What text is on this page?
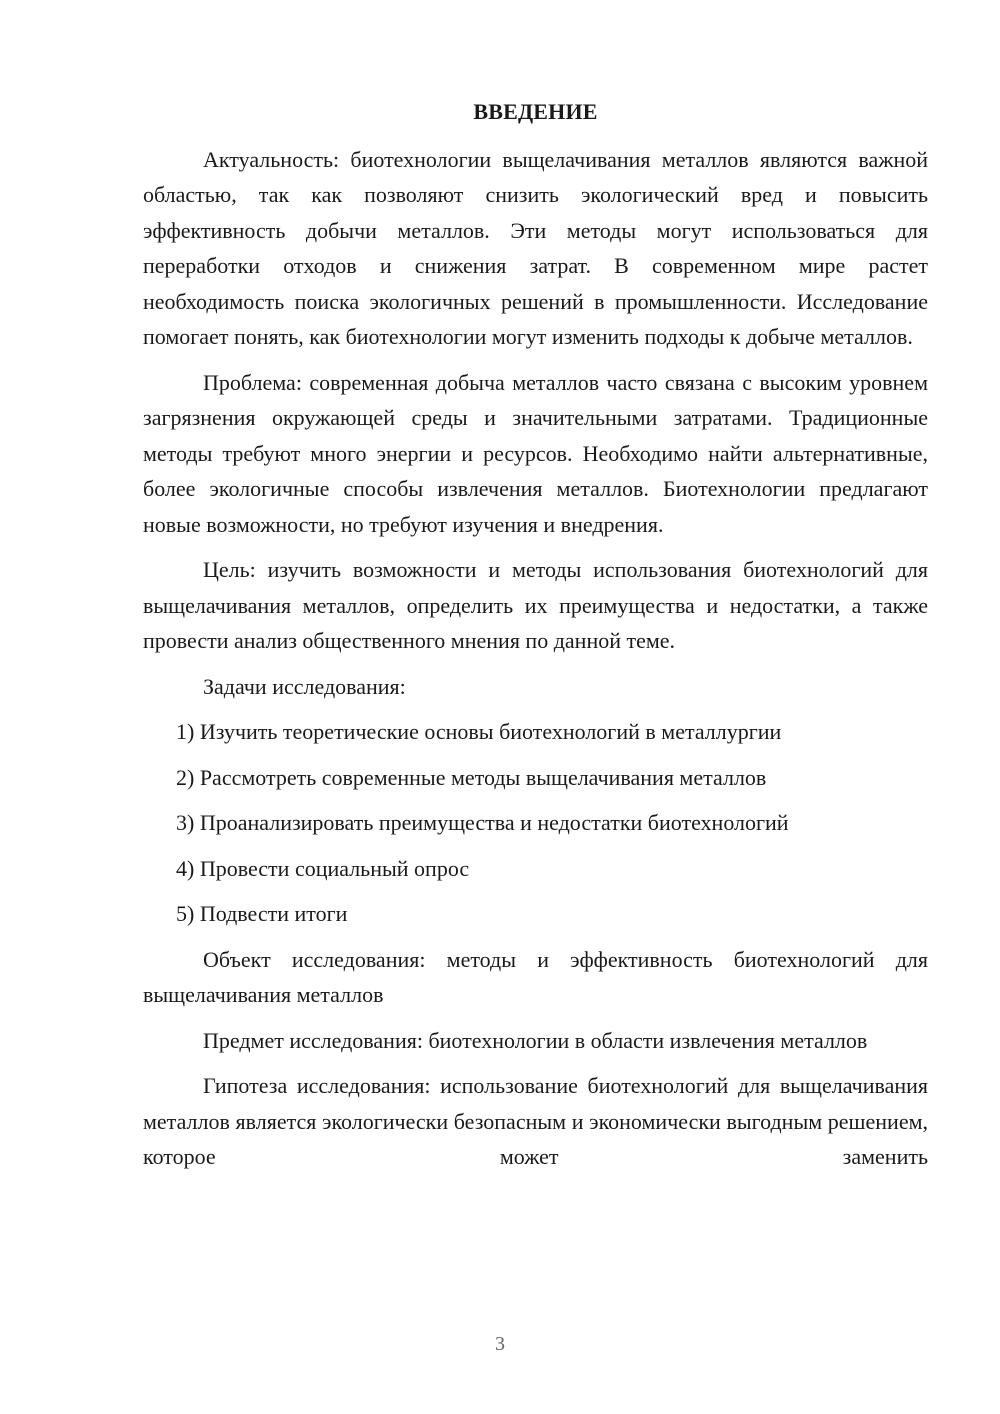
ВВЕДЕНИЕ

Актуальность: биотехнологии выщелачивания металлов являются важной областью, так как позволяют снизить экологический вред и повысить эффективность добычи металлов. Эти методы могут использоваться для переработки отходов и снижения затрат. В современном мире растет необходимость поиска экологичных решений в промышленности. Исследование помогает понять, как биотехнологии могут изменить подходы к добыче металлов.

Проблема: современная добыча металлов часто связана с высоким уровнем загрязнения окружающей среды и значительными затратами. Традиционные методы требуют много энергии и ресурсов. Необходимо найти альтернативные, более экологичные способы извлечения металлов. Биотехнологии предлагают новые возможности, но требуют изучения и внедрения.

Цель: изучить возможности и методы использования биотехнологий для выщелачивания металлов, определить их преимущества и недостатки, а также провести анализ общественного мнения по данной теме.

Задачи исследования:
1) Изучить теоретические основы биотехнологий в металлургии
2) Рассмотреть современные методы выщелачивания металлов
3) Проанализировать преимущества и недостатки биотехнологий
4) Провести социальный опрос
5) Подвести итоги

Объект исследования: методы и эффективность биотехнологий для выщелачивания металлов

Предмет исследования: биотехнологии в области извлечения металлов

Гипотеза исследования: использование биотехнологий для выщелачивания металлов является экологически безопасным и экономически выгодным решением, которое может заменить

3
